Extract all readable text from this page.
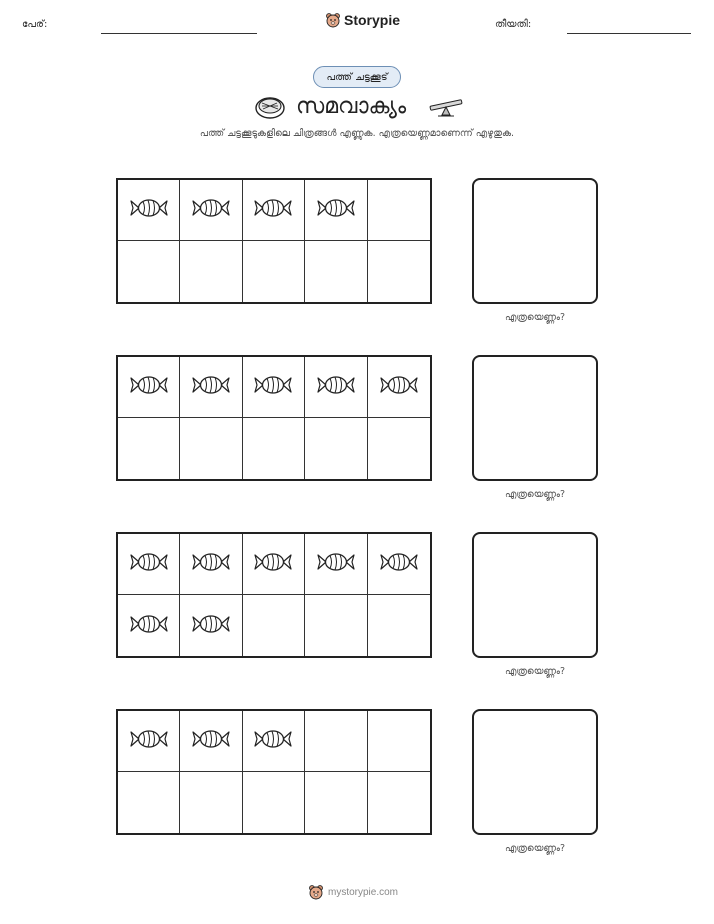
പേര്:	Storypie	തീയതി:
പത്ത് ചട്ടക്കൂട്
സമവാക്യം
പത്ത് ചട്ടക്കൂടുകളിലെ ചിത്രങ്ങൾ എണ്ണുക. എത്രയെണ്ണമാണെന്ന് എഴുതുക.
എത്രയെണ്ണം?
എത്രയെണ്ണം?
എത്രയെണ്ണം?
എത്രയെണ്ണം?
mystorypie.com
